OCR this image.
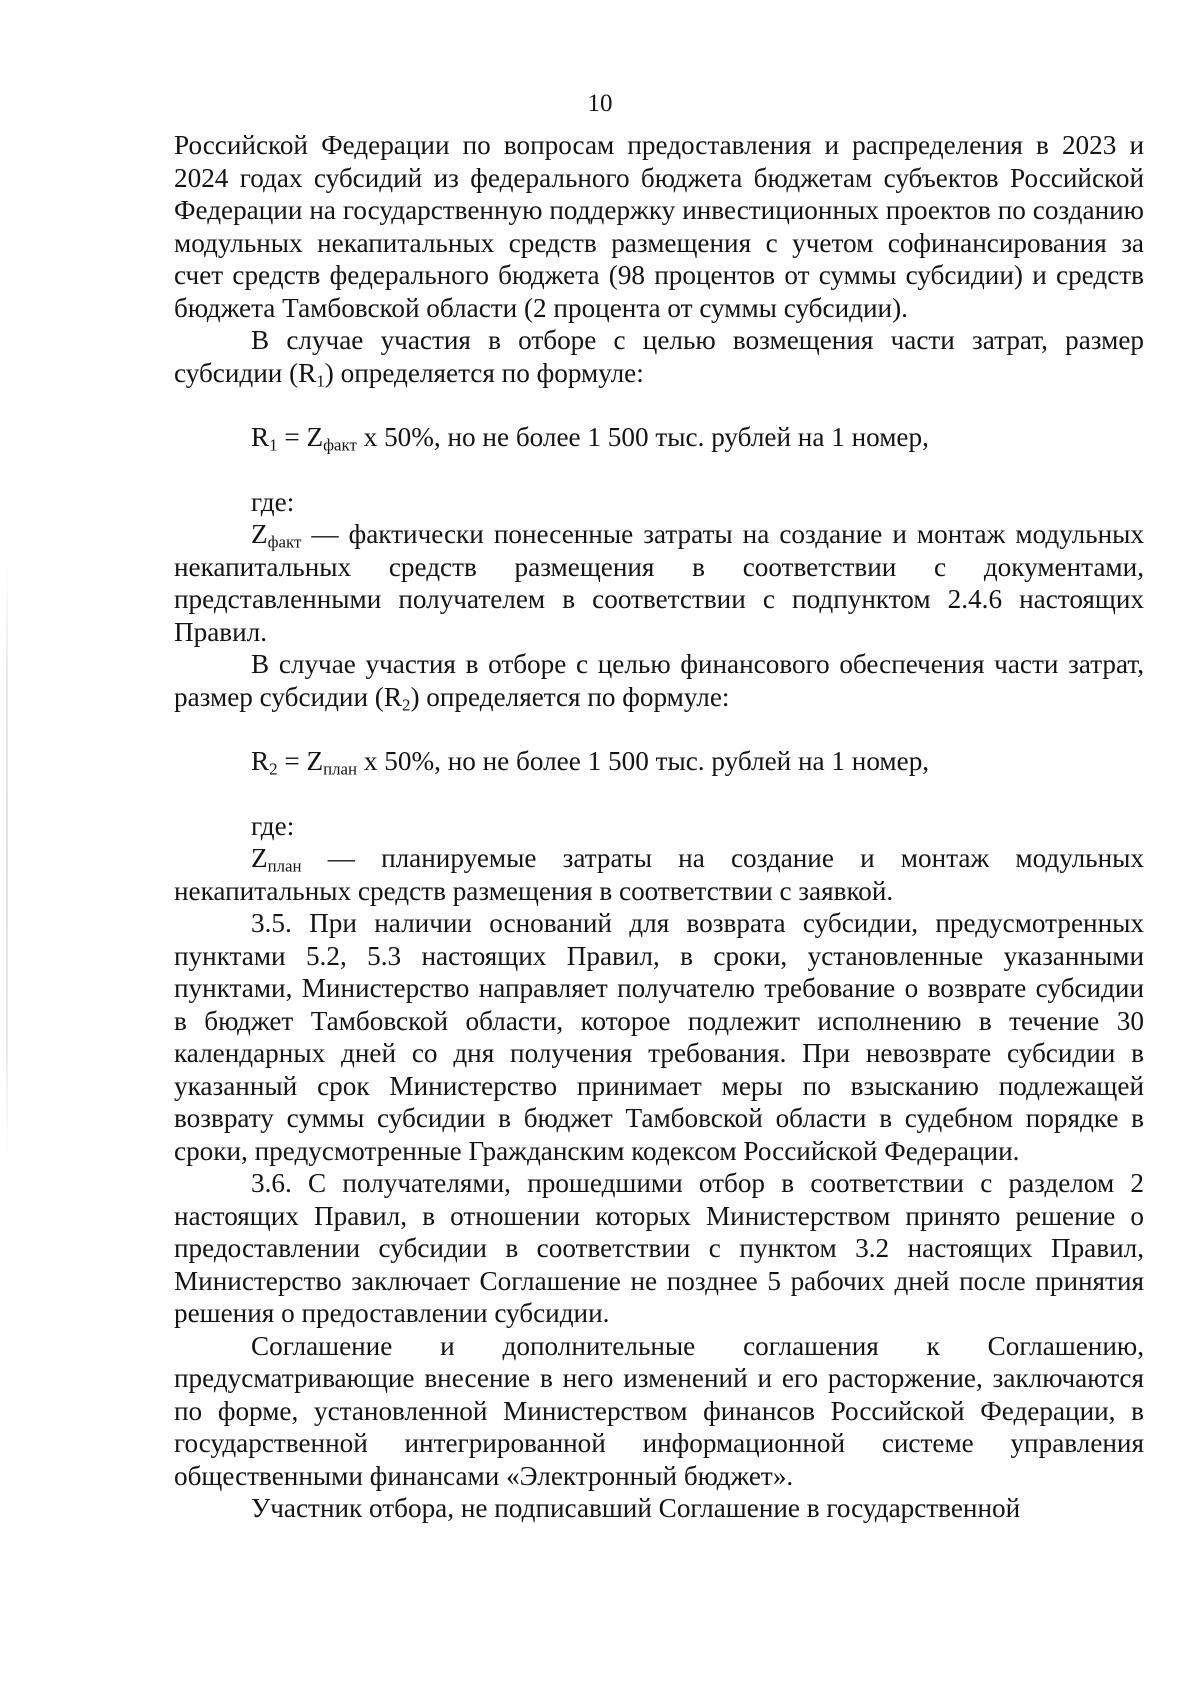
10

Российской Федерации по вопросам предоставления и распределения в 2023 и 2024 годах субсидий из федерального бюджета бюджетам субъектов Российской Федерации на государственную поддержку инвестиционных проектов по созданию модульных некапитальных средств размещения с учетом софинансирования за счет средств федерального бюджета (98 процентов от суммы субсидии) и средств бюджета Тамбовской области (2 процента от суммы субсидии).

В случае участия в отборе с целью возмещения части затрат, размер субсидии $(R_1)$ определяется по формуле:

$R_1 = Z_{факт}$ x 50%, но не более 1 500 тыс. рублей на 1 номер,

где:

$Z_{факт}$ — фактически понесенные затраты на создание и монтаж модульных некапитальных средств размещения в соответствии с документами, представленными получателем в соответствии с подпунктом 2.4.6 настоящих Правил.

В случае участия в отборе с целью финансового обеспечения части затрат, размер субсидии $(R_2)$ определяется по формуле:

$R_2 = Z_{план}$ x 50%, но не более 1 500 тыс. рублей на 1 номер,

где:

$Z_{план}$ — планируемые затраты на создание и монтаж модульных некапитальных средств размещения в соответствии с заявкой.

3.5. При наличии оснований для возврата субсидии, предусмотренных пунктами 5.2, 5.3 настоящих Правил, в сроки, установленные указанными пунктами, Министерство направляет получателю требование о возврате субсидии в бюджет Тамбовской области, которое подлежит исполнению в течение 30 календарных дней со дня получения требования. При невозврате субсидии в указанный срок Министерство принимает меры по взысканию подлежащей возврату суммы субсидии в бюджет Тамбовской области в судебном порядке в сроки, предусмотренные Гражданским кодексом Российской Федерации.

3.6. С получателями, прошедшими отбор в соответствии с разделом 2 настоящих Правил, в отношении которых Министерством принято решение о предоставлении субсидии в соответствии с пунктом 3.2 настоящих Правил, Министерство заключает Соглашение не позднее 5 рабочих дней после принятия решения о предоставлении субсидии.

Соглашение и дополнительные соглашения к Соглашению, предусматривающие внесение в него изменений и его расторжение, заключаются по форме, установленной Министерством финансов Российской Федерации, в государственной интегрированной информационной системе управления общественными финансами «Электронный бюджет».

Участник отбора, не подписавший Соглашение в государственной
